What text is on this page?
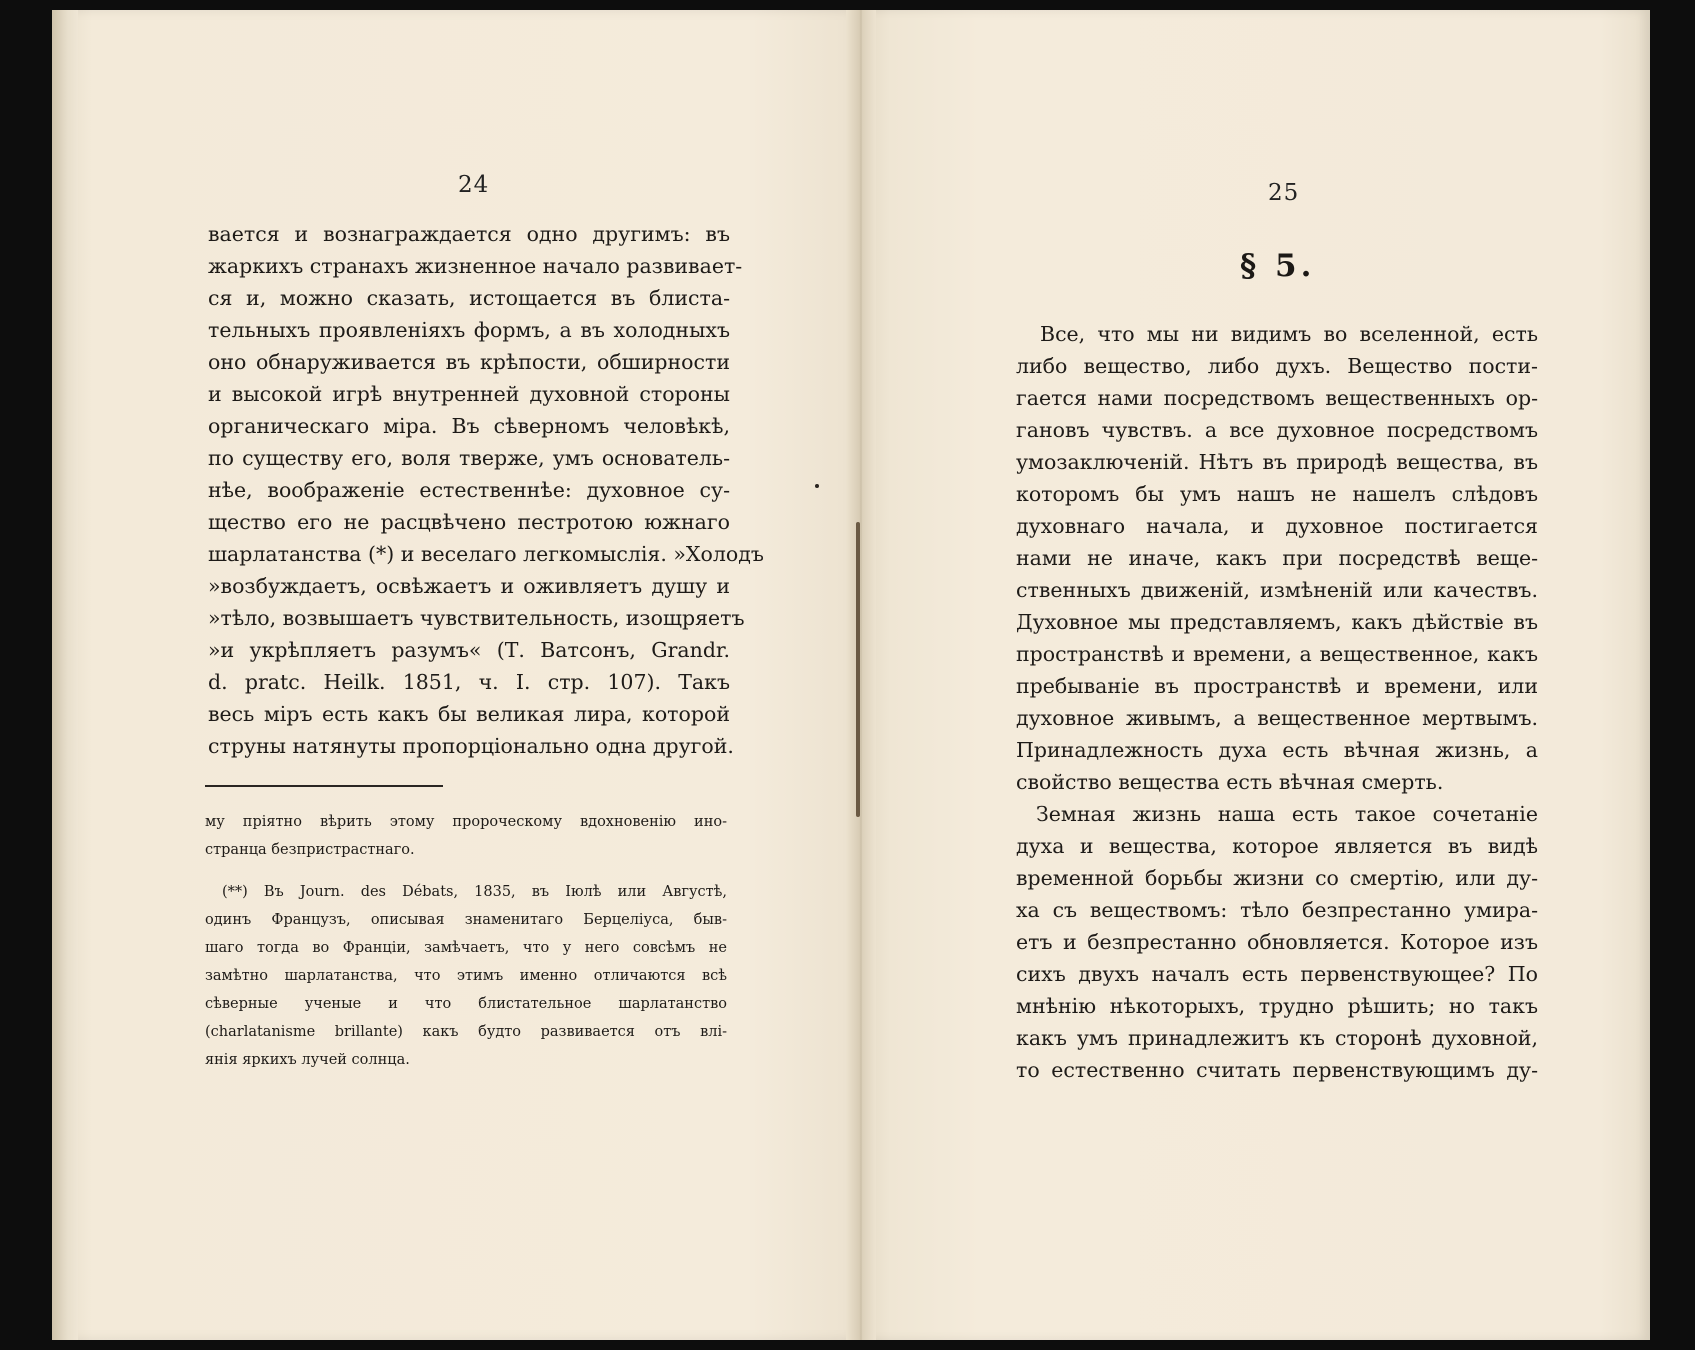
24
вается и вознаграждается одно другимъ: въ
жаркихъ странахъ жизненное начало развивает-
ся и, можно сказать, истощается въ блиста-
тельныхъ проявленіяхъ формъ, а въ холодныхъ
оно обнаруживается въ крѣпости, обширности
и высокой игрѣ внутренней духовной стороны
органическаго міра. Въ сѣверномъ человѣкѣ,
по существу его, воля тверже, умъ основатель-
нѣе, воображеніе естественнѣе: духовное су-
щество его не расцвѣчено пестротою южнаго
шарлатанства (*) и веселаго легкомыслія. »Холодъ
»возбуждаетъ, освѣжаетъ и оживляетъ душу и
»тѣло, возвышаетъ чувствительность, изощряетъ
»и укрѣпляетъ разумъ« (Т. Ватсонъ, Grandr.
d. pratc. Heilk. 1851, ч. I. стр. 107). Такъ
весь міръ есть какъ бы великая лира, которой
струны натянуты пропорціонально одна другой.
му пріятно вѣрить этому пророческому вдохновенію ино-
странца безпристрастнаго.
(**) Въ Journ. des Débats, 1835, въ Іюлѣ или Августѣ,
одинъ Французъ, описывая знаменитаго Берцеліуса, быв-
шаго тогда во Франціи, замѣчаетъ, что у него совсѣмъ не
замѣтно шарлатанства, что этимъ именно отличаются всѣ
сѣверные ученые и что блистательное шарлатанство
(charlatanisme brillante) какъ будто развивается отъ влі-
янія яркихъ лучей солнца.
25
§ 5.
Все, что мы ни видимъ во вселенной, есть
либо вещество, либо духъ. Вещество пости-
гается нами посредствомъ вещественныхъ ор-
гановъ чувствъ. а все духовное посредствомъ
умозаключеній. Нѣтъ въ природѣ вещества, въ
которомъ бы умъ нашъ не нашелъ слѣдовъ
духовнаго начала, и духовное постигается
нами не иначе, какъ при посредствѣ веще-
ственныхъ движеній, измѣненій или качествъ.
Духовное мы представляемъ, какъ дѣйствіе въ
пространствѣ и времени, а вещественное, какъ
пребываніе въ пространствѣ и времени, или
духовное живымъ, а вещественное мертвымъ.
Принадлежность духа есть вѣчная жизнь, а
свойство вещества есть вѣчная смерть.
Земная жизнь наша есть такое сочетаніе
духа и вещества, которое является въ видѣ
временной борьбы жизни со смертію, или ду-
ха съ веществомъ: тѣло безпрестанно умира-
етъ и безпрестанно обновляется. Которое изъ
сихъ двухъ началъ есть первенствующее? По
мнѣнію нѣкоторыхъ, трудно рѣшить; но такъ
какъ умъ принадлежитъ къ сторонѣ духовной,
то естественно считать первенствующимъ ду-
